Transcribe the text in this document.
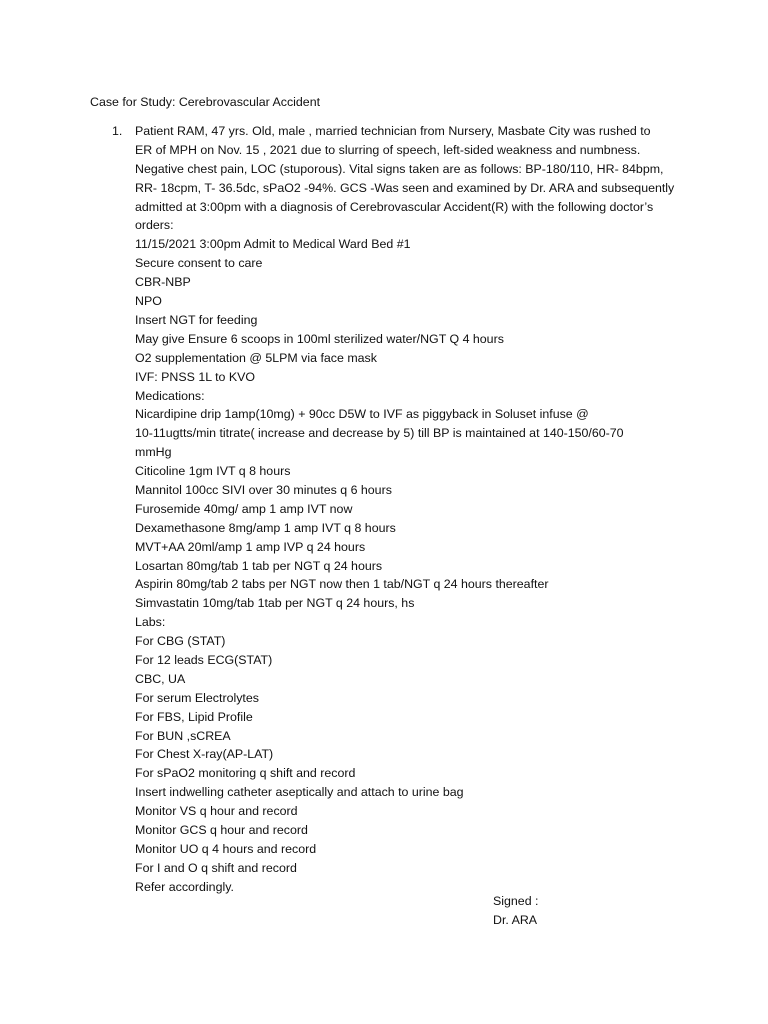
Case for Study: Cerebrovascular Accident
1. Patient RAM, 47 yrs. Old, male , married technician from Nursery, Masbate City was rushed to
ER of MPH on Nov. 15 , 2021 due to slurring of speech, left-sided weakness and numbness.
Negative chest pain, LOC (stuporous). Vital signs taken are as follows: BP-180/110, HR- 84bpm,
RR- 18cpm, T- 36.5dc, sPaO2 -94%. GCS -Was seen and examined by Dr. ARA and subsequently
admitted at 3:00pm with a diagnosis of Cerebrovascular Accident(R) with the following doctor’s
orders:
11/15/2021 3:00pm Admit to Medical Ward Bed #1
Secure consent to care
CBR-NBP
NPO
Insert NGT for feeding
May give Ensure 6 scoops in 100ml sterilized water/NGT Q 4 hours
O2 supplementation @ 5LPM via face mask
IVF: PNSS 1L to KVO
Medications:
Nicardipine drip 1amp(10mg) + 90cc D5W to IVF as piggyback in Soluset infuse @
10-11ugtts/min titrate( increase and decrease by 5) till BP is maintained at 140-150/60-70
mmHg
Citicoline 1gm IVT q 8 hours
Mannitol 100cc SIVI over 30 minutes q 6 hours
Furosemide 40mg/ amp 1 amp IVT now
Dexamethasone 8mg/amp 1 amp IVT q 8 hours
MVT+AA 20ml/amp 1 amp IVP q 24 hours
Losartan 80mg/tab 1 tab per NGT q 24 hours
Aspirin 80mg/tab 2 tabs per NGT now then 1 tab/NGT q 24 hours thereafter
Simvastatin 10mg/tab 1tab per NGT q 24 hours, hs
Labs:
For CBG (STAT)
For 12 leads ECG(STAT)
CBC, UA
For serum Electrolytes
For FBS, Lipid Profile
For BUN ,sCREA
For Chest X-ray(AP-LAT)
For sPaO2 monitoring q shift and record
Insert indwelling catheter aseptically and attach to urine bag
Monitor VS q hour and record
Monitor GCS q hour and record
Monitor UO q 4 hours and record
For I and O q shift and record
Refer accordingly.
Signed :
Dr. ARA
